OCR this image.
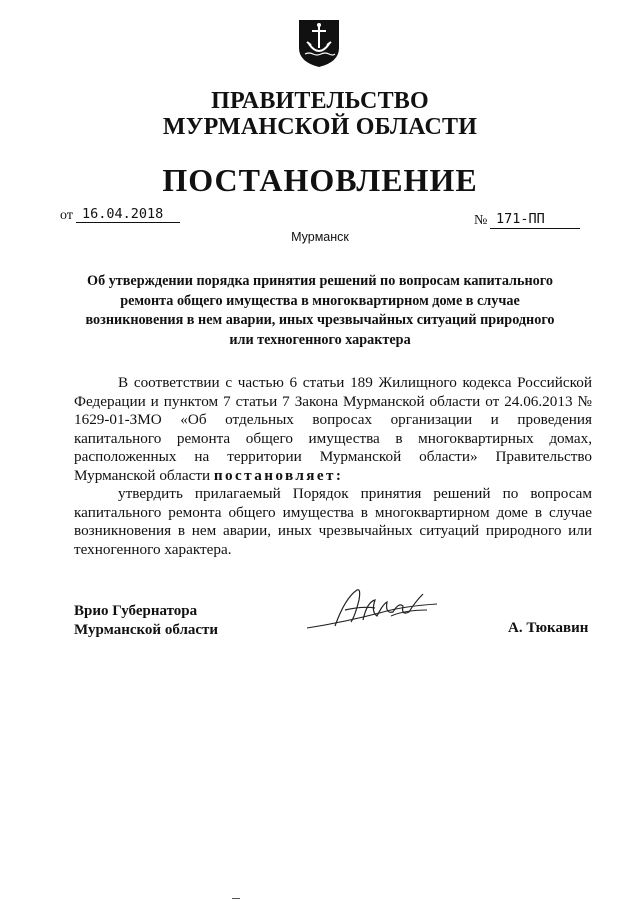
ПРАВИТЕЛЬСТВО
МУРМАНСКОЙ ОБЛАСТИ
ПОСТАНОВЛЕНИЕ
от 16.04.2018	№ 171-ПП
Мурманск
Об утверждении порядка принятия решений по вопросам капитального
ремонта общего имущества в многоквартирном доме в случае
возникновения в нем аварии, иных чрезвычайных ситуаций природного
или техногенного характера

В соответствии с частью 6 статьи 189 Жилищного кодекса Российской Федерации и пунктом 7 статьи 7 Закона Мурманской области от 24.06.2013 № 1629-01-ЗМО «Об отдельных вопросах организации и проведения капитального ремонта общего имущества в многоквартирных домах, расположенных на территории Мурманской области» Правительство Мурманской области постановляет:

утвердить прилагаемый Порядок принятия решений по вопросам капитального ремонта общего имущества в многоквартирном доме в случае возникновения в нем аварии, иных чрезвычайных ситуаций природного или техногенного характера.

Врио Губернатора
Мурманской области	А. Тюкавин
